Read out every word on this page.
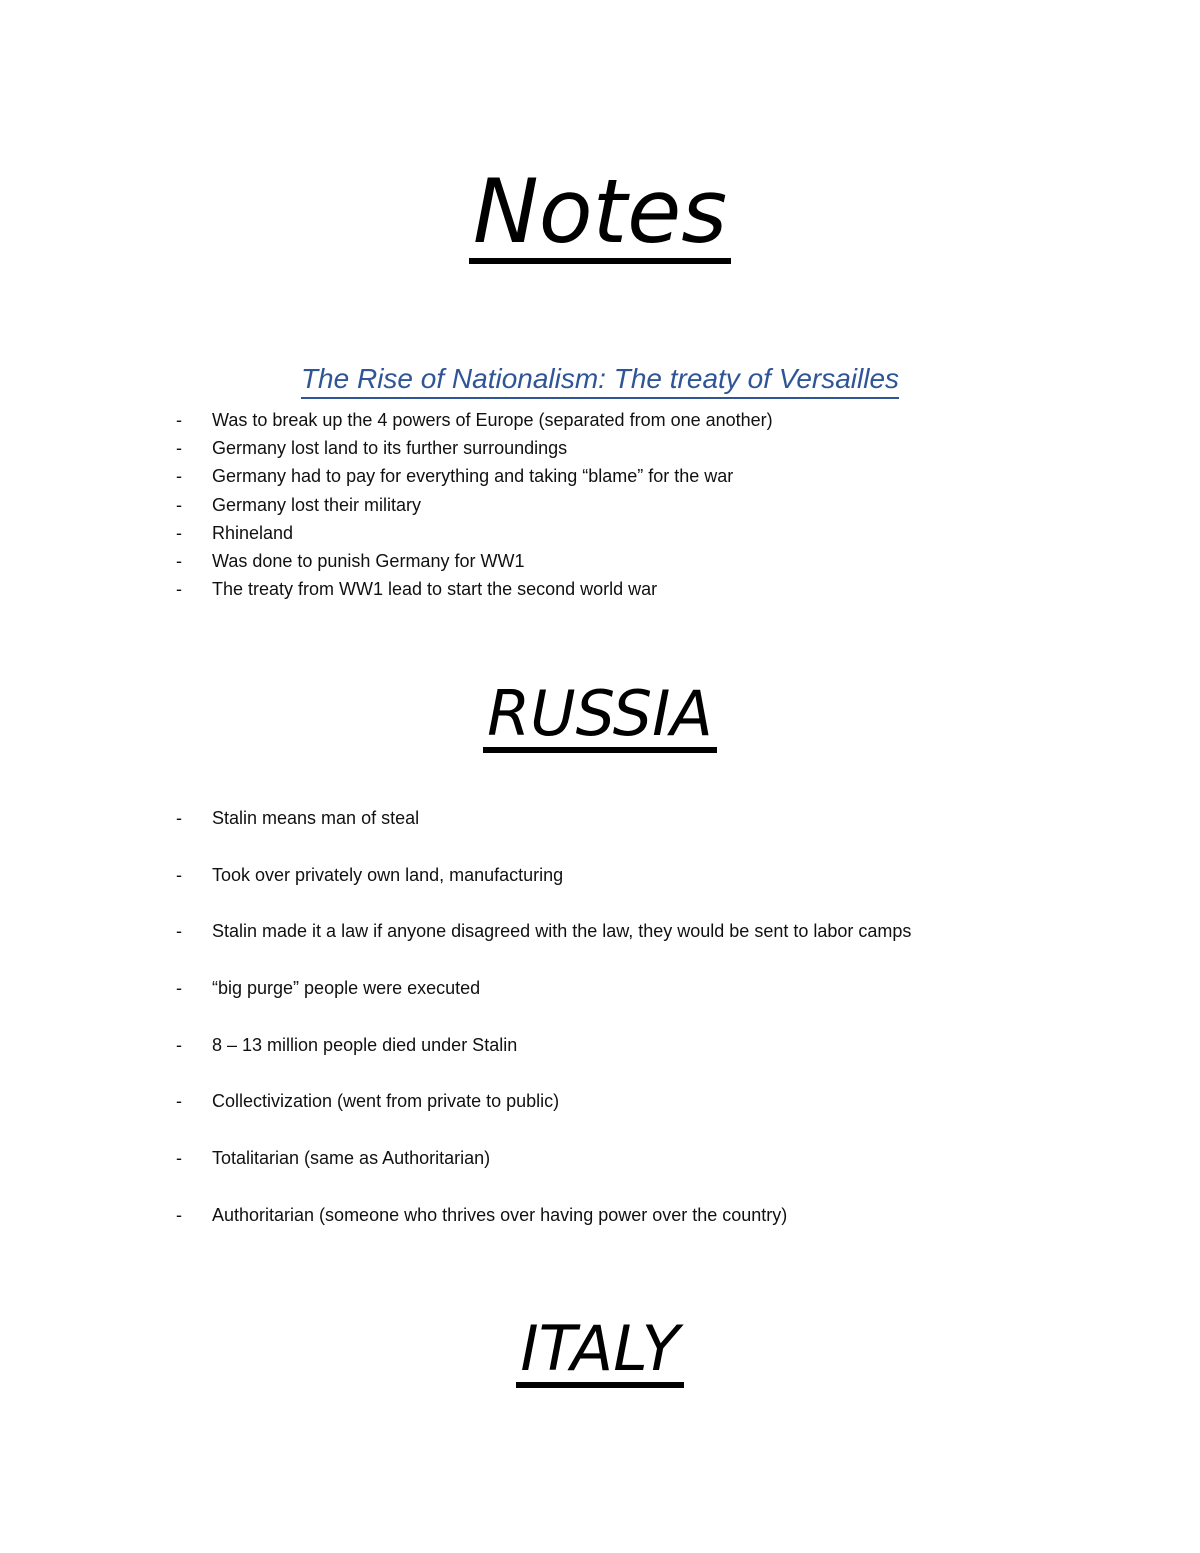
Notes
The Rise of Nationalism: The treaty of Versailles
-	Was to break up the 4 powers of Europe (separated from one another)
-	Germany lost land to its further surroundings
-	Germany had to pay for everything and taking “blame” for the war
-	Germany lost their military
-	Rhineland
-	Was done to punish Germany for WW1
-	The treaty from WW1 lead to start the second world war
RUSSIA
-	Stalin means man of steal
-	Took over privately own land, manufacturing
-	Stalin made it a law if anyone disagreed with the law, they would be sent to labor camps
-	“big purge” people were executed
-	8 – 13 million people died under Stalin
-	Collectivization (went from private to public)
-	Totalitarian (same as Authoritarian)
-	Authoritarian (someone who thrives over having power over the country)
ITALY
